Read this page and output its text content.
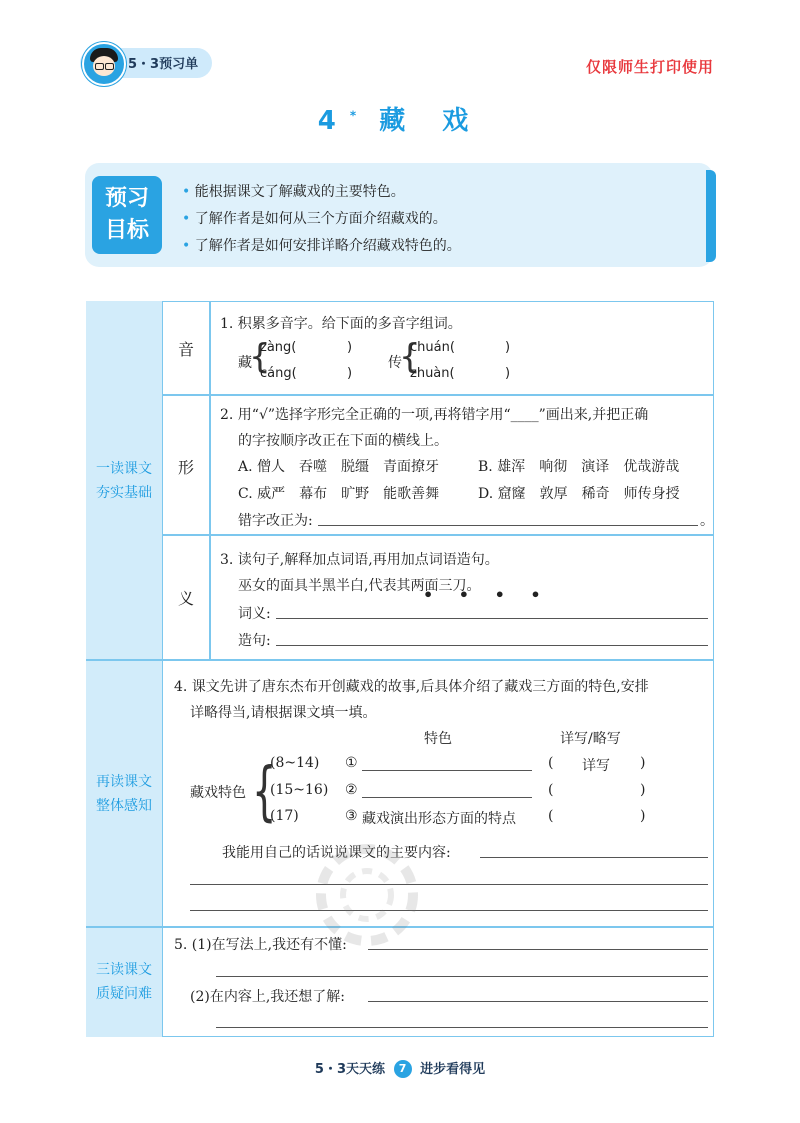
5・3预习单	仅限师生打印使用
4* 藏 戏
预习
目标
• 能根据课文了解藏戏的主要特色。
• 了解作者是如何从三个方面介绍藏戏的。
• 了解作者是如何安排详略介绍藏戏特色的。
一读课文
夯实基础
再读课文
整体感知
三读课文
质疑问难
音
形
义
1. 积累多音字。给下面的多音字组词。
藏
{
zàng(	)
cáng(	)
传
{
chuán(	)
zhuàn(	)
2. 用“√”选择字形完全正确的一项,再将错字用“____”画出来,并把正确
的字按顺序改正在下面的横线上。
A. 僧人　吞噬　脱缰　青面撩牙	B. 雄浑　响彻　演译　优哉游哉
C. 威严　幕布　旷野　能歌善舞	D. 窟窿　敦厚　稀奇　师传身授
错字改正为:	。
3. 读句子,解释加点词语,再用加点词语造句。
巫女的面具半黑半白,代表其两面三刀。
• • • •
词义:
造句:
4. 课文先讲了唐东杰布开创藏戏的故事,后具体介绍了藏戏三方面的特色,安排
详略得当,请根据课文填一填。
特色	详写/略写
藏戏特色 {
(8~14) ①	( 详写 )
(15~16) ②	(	)
(17)	③ 藏戏演出形态方面的特点 (	)
我能用自己的话说说课文的主要内容:
5. (1)在写法上,我还有不懂:
(2)在内容上,我还想了解:
5・3天天练 7 进步看得见
